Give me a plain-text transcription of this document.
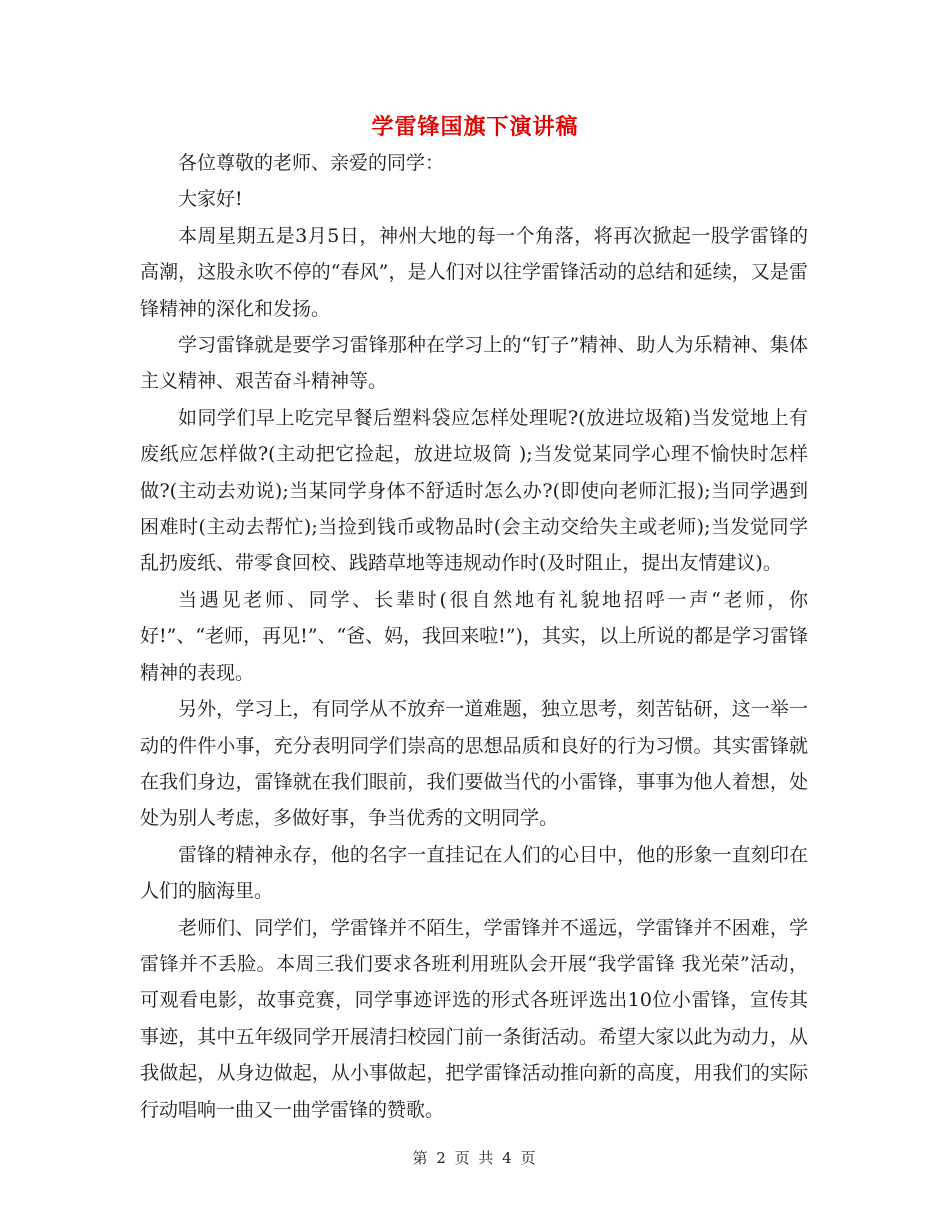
学雷锋国旗下演讲稿

各位尊敬的老师、亲爱的同学：

大家好!

本周星期五是3月5日，神州大地的每一个角落，将再次掀起一股学雷锋的高潮，这股永吹不停的“春风”，是人们对以往学雷锋活动的总结和延续，又是雷锋精神的深化和发扬。

学习雷锋就是要学习雷锋那种在学习上的“钉子”精神、助人为乐精神、集体主义精神、艰苦奋斗精神等。

如同学们早上吃完早餐后塑料袋应怎样处理呢?(放进垃圾箱)当发觉地上有废纸应怎样做?(主动把它捡起，放进垃圾筒 );当发觉某同学心理不愉快时怎样做?(主动去劝说);当某同学身体不舒适时怎么办?(即使向老师汇报);当同学遇到困难时(主动去帮忙);当捡到钱币或物品时(会主动交给失主或老师);当发觉同学乱扔废纸、带零食回校、践踏草地等违规动作时(及时阻止，提出友情建议)。

当遇见老师、同学、长辈时(很自然地有礼貌地招呼一声“老师，你好!”、“老师，再见!”、“爸、妈，我回来啦!”)，其实，以上所说的都是学习雷锋精神的表现。

另外，学习上，有同学从不放弃一道难题，独立思考，刻苦钻研，这一举一动的件件小事，充分表明同学们崇高的思想品质和良好的行为习惯。其实雷锋就在我们身边，雷锋就在我们眼前，我们要做当代的小雷锋，事事为他人着想，处处为别人考虑，多做好事，争当优秀的文明同学。

雷锋的精神永存，他的名字一直挂记在人们的心目中，他的形象一直刻印在人们的脑海里。

老师们、同学们，学雷锋并不陌生，学雷锋并不遥远，学雷锋并不困难，学雷锋并不丢脸。本周三我们要求各班利用班队会开展“我学雷锋 我光荣”活动，可观看电影，故事竞赛，同学事迹评选的形式各班评选出10位小雷锋，宣传其事迹，其中五年级同学开展清扫校园门前一条街活动。希望大家以此为动力，从我做起，从身边做起，从小事做起，把学雷锋活动推向新的高度，用我们的实际行动唱响一曲又一曲学雷锋的赞歌。

第 2 页 共 4 页
